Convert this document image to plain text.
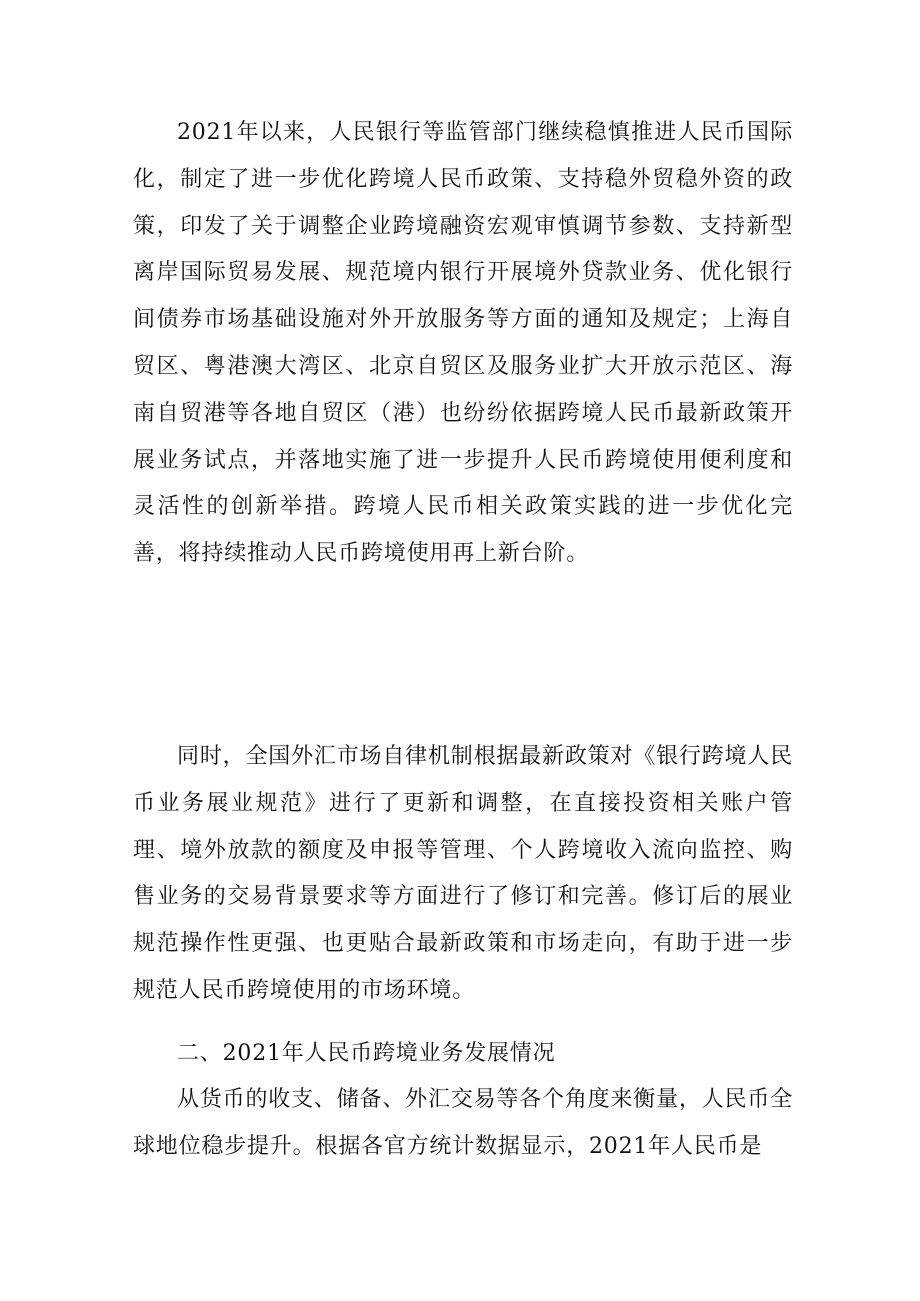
2021年以来，人民银行等监管部门继续稳慎推进人民币国际化，制定了进一步优化跨境人民币政策、支持稳外贸稳外资的政策，印发了关于调整企业跨境融资宏观审慎调节参数、支持新型离岸国际贸易发展、规范境内银行开展境外贷款业务、优化银行间债券市场基础设施对外开放服务等方面的通知及规定；上海自贸区、粤港澳大湾区、北京自贸区及服务业扩大开放示范区、海南自贸港等各地自贸区（港）也纷纷依据跨境人民币最新政策开展业务试点，并落地实施了进一步提升人民币跨境使用便利度和灵活性的创新举措。跨境人民币相关政策实践的进一步优化完善，将持续推动人民币跨境使用再上新台阶。

同时，全国外汇市场自律机制根据最新政策对《银行跨境人民币业务展业规范》进行了更新和调整，在直接投资相关账户管理、境外放款的额度及申报等管理、个人跨境收入流向监控、购售业务的交易背景要求等方面进行了修订和完善。修订后的展业规范操作性更强、也更贴合最新政策和市场走向，有助于进一步规范人民币跨境使用的市场环境。

二、2021年人民币跨境业务发展情况

从货币的收支、储备、外汇交易等各个角度来衡量，人民币全球地位稳步提升。根据各官方统计数据显示，2021年人民币是
